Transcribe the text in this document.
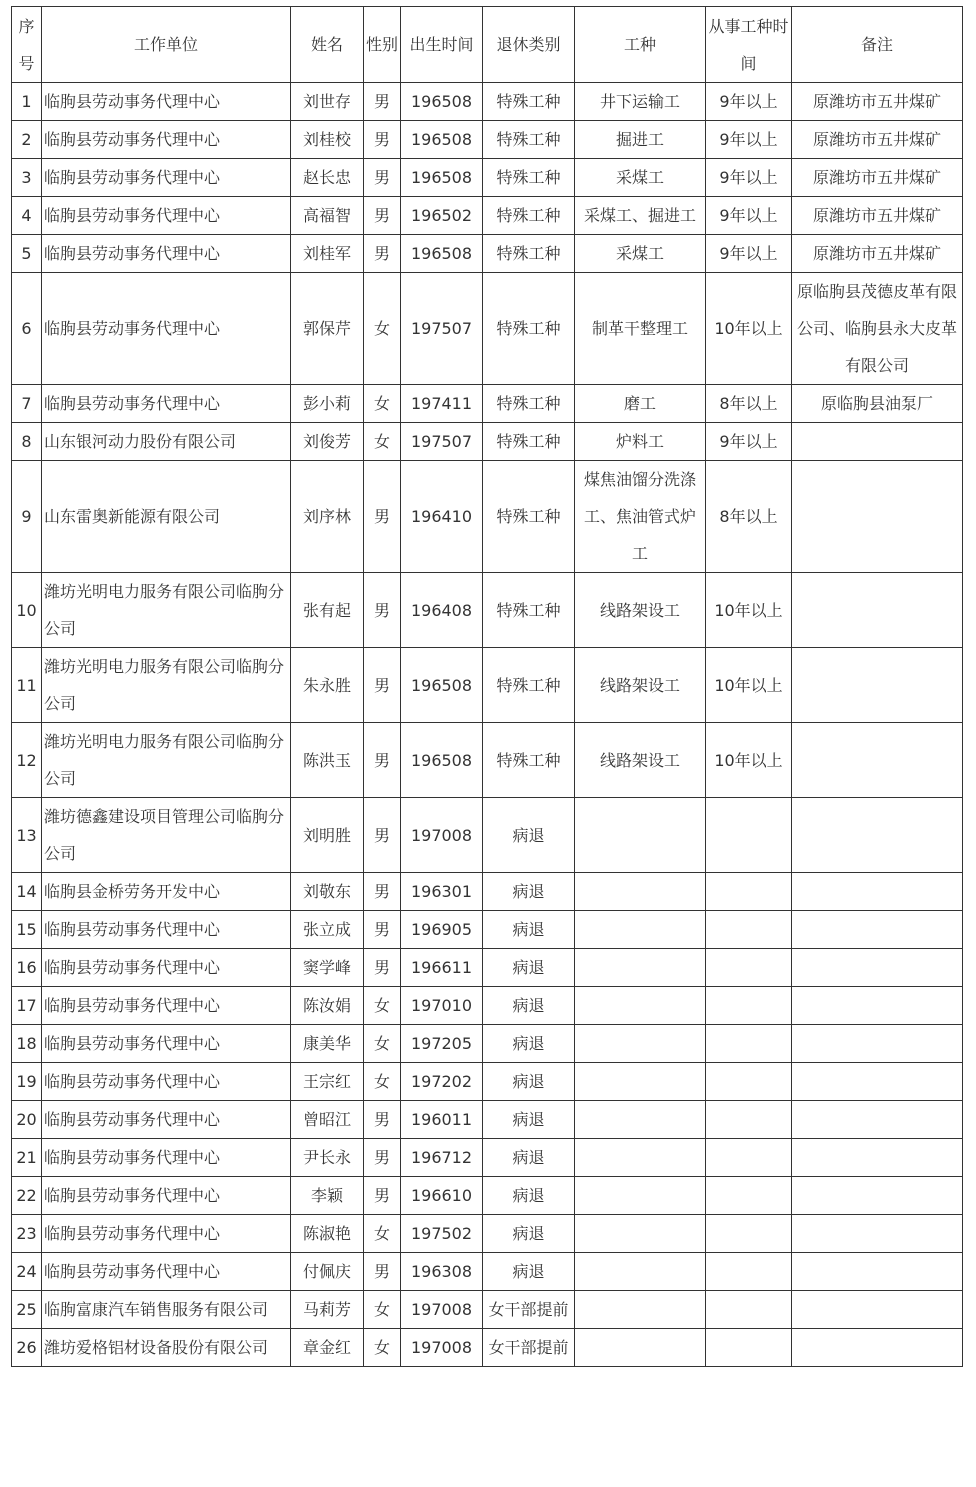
序号	工作单位	姓名	性别	出生时间	退休类别	工种	从事工种时间	备注
1	临朐县劳动事务代理中心	刘世存	男	196508	特殊工种	井下运输工	9年以上	原潍坊市五井煤矿
2	临朐县劳动事务代理中心	刘桂校	男	196508	特殊工种	掘进工	9年以上	原潍坊市五井煤矿
3	临朐县劳动事务代理中心	赵长忠	男	196508	特殊工种	采煤工	9年以上	原潍坊市五井煤矿
4	临朐县劳动事务代理中心	高福智	男	196502	特殊工种	采煤工、掘进工	9年以上	原潍坊市五井煤矿
5	临朐县劳动事务代理中心	刘桂军	男	196508	特殊工种	采煤工	9年以上	原潍坊市五井煤矿
6	临朐县劳动事务代理中心	郭保芹	女	197507	特殊工种	制革干整理工	10年以上	原临朐县茂德皮革有限公司、临朐县永大皮革有限公司
7	临朐县劳动事务代理中心	彭小莉	女	197411	特殊工种	磨工	8年以上	原临朐县油泵厂
8	山东银河动力股份有限公司	刘俊芳	女	197507	特殊工种	炉料工	9年以上	
9	山东雷奥新能源有限公司	刘序林	男	196410	特殊工种	煤焦油馏分洗涤工、焦油管式炉工	8年以上	
10	潍坊光明电力服务有限公司临朐分公司	张有起	男	196408	特殊工种	线路架设工	10年以上	
11	潍坊光明电力服务有限公司临朐分公司	朱永胜	男	196508	特殊工种	线路架设工	10年以上	
12	潍坊光明电力服务有限公司临朐分公司	陈洪玉	男	196508	特殊工种	线路架设工	10年以上	
13	潍坊德鑫建设项目管理公司临朐分公司	刘明胜	男	197008	病退			
14	临朐县金桥劳务开发中心	刘敬东	男	196301	病退			
15	临朐县劳动事务代理中心	张立成	男	196905	病退			
16	临朐县劳动事务代理中心	窦学峰	男	196611	病退			
17	临朐县劳动事务代理中心	陈汝娟	女	197010	病退			
18	临朐县劳动事务代理中心	康美华	女	197205	病退			
19	临朐县劳动事务代理中心	王宗红	女	197202	病退			
20	临朐县劳动事务代理中心	曾昭江	男	196011	病退			
21	临朐县劳动事务代理中心	尹长永	男	196712	病退			
22	临朐县劳动事务代理中心	李颖	男	196610	病退			
23	临朐县劳动事务代理中心	陈淑艳	女	197502	病退			
24	临朐县劳动事务代理中心	付佩庆	男	196308	病退			
25	临朐富康汽车销售服务有限公司	马莉芳	女	197008	女干部提前			
26	潍坊爱格铝材设备股份有限公司	章金红	女	197008	女干部提前			
